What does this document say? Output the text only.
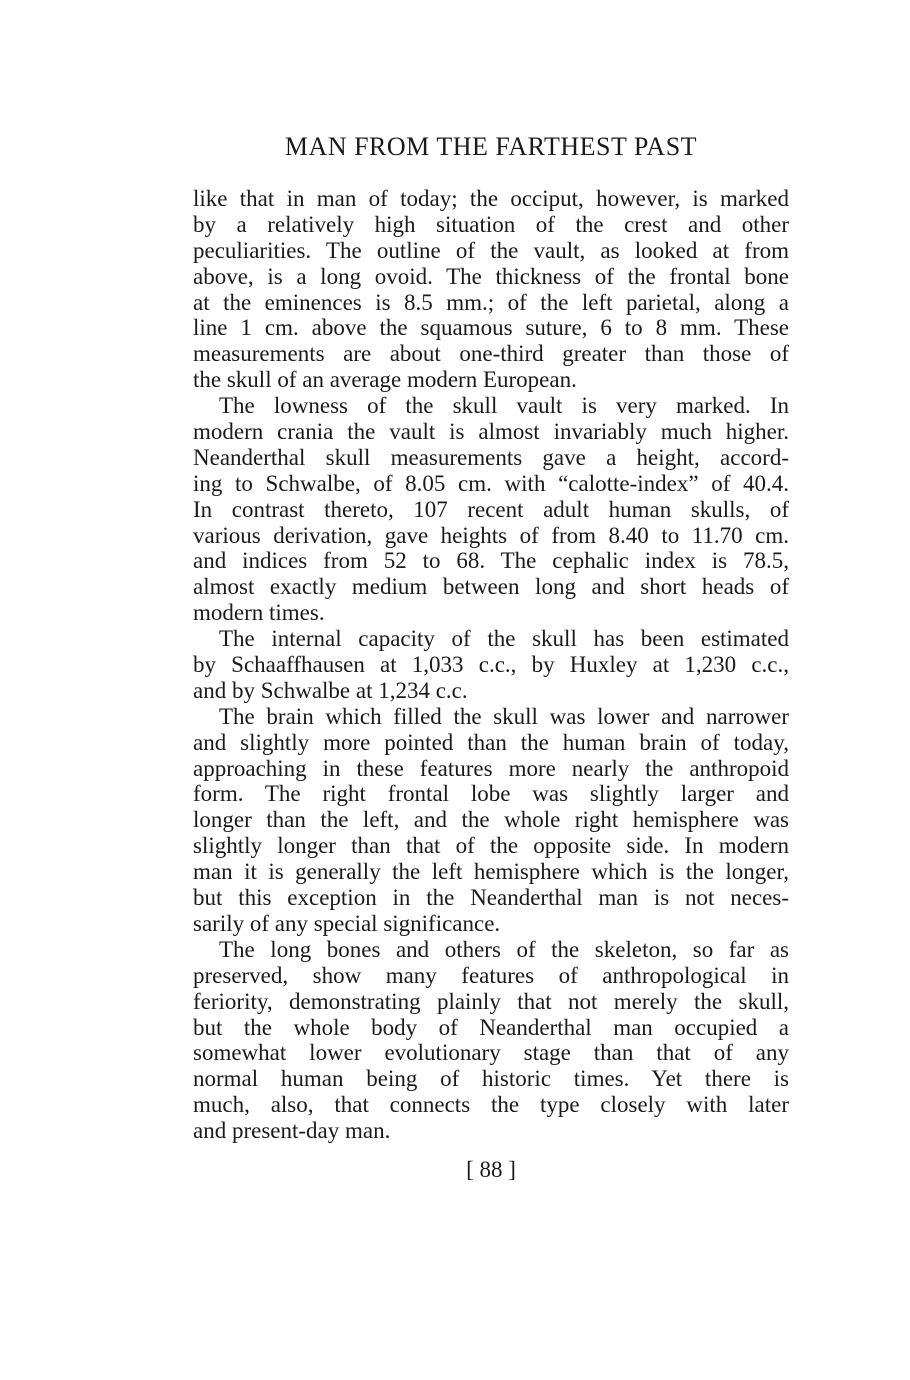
MAN FROM THE FARTHEST PAST
like that in man of today; the occiput, however, is marked
by a relatively high situation of the crest and other
peculiarities. The outline of the vault, as looked at from
above, is a long ovoid. The thickness of the frontal bone
at the eminences is 8.5 mm.; of the left parietal, along a
line 1 cm. above the squamous suture, 6 to 8 mm. These
measurements are about one-third greater than those of
the skull of an average modern European.
The lowness of the skull vault is very marked. In
modern crania the vault is almost invariably much higher.
Neanderthal skull measurements gave a height, accord-
ing to Schwalbe, of 8.05 cm. with “calotte-index” of 40.4.
In contrast thereto, 107 recent adult human skulls, of
various derivation, gave heights of from 8.40 to 11.70 cm.
and indices from 52 to 68. The cephalic index is 78.5,
almost exactly medium between long and short heads of
modern times.
The internal capacity of the skull has been estimated
by Schaaffhausen at 1,033 c.c., by Huxley at 1,230 c.c.,
and by Schwalbe at 1,234 c.c.
The brain which filled the skull was lower and narrower
and slightly more pointed than the human brain of today,
approaching in these features more nearly the anthropoid
form. The right frontal lobe was slightly larger and
longer than the left, and the whole right hemisphere was
slightly longer than that of the opposite side. In modern
man it is generally the left hemisphere which is the longer,
but this exception in the Neanderthal man is not neces-
sarily of any special significance.
The long bones and others of the skeleton, so far as
preserved, show many features of anthropological in
feriority, demonstrating plainly that not merely the skull,
but the whole body of Neanderthal man occupied a
somewhat lower evolutionary stage than that of any
normal human being of historic times. Yet there is
much, also, that connects the type closely with later
and present-day man.
[ 88 ]
